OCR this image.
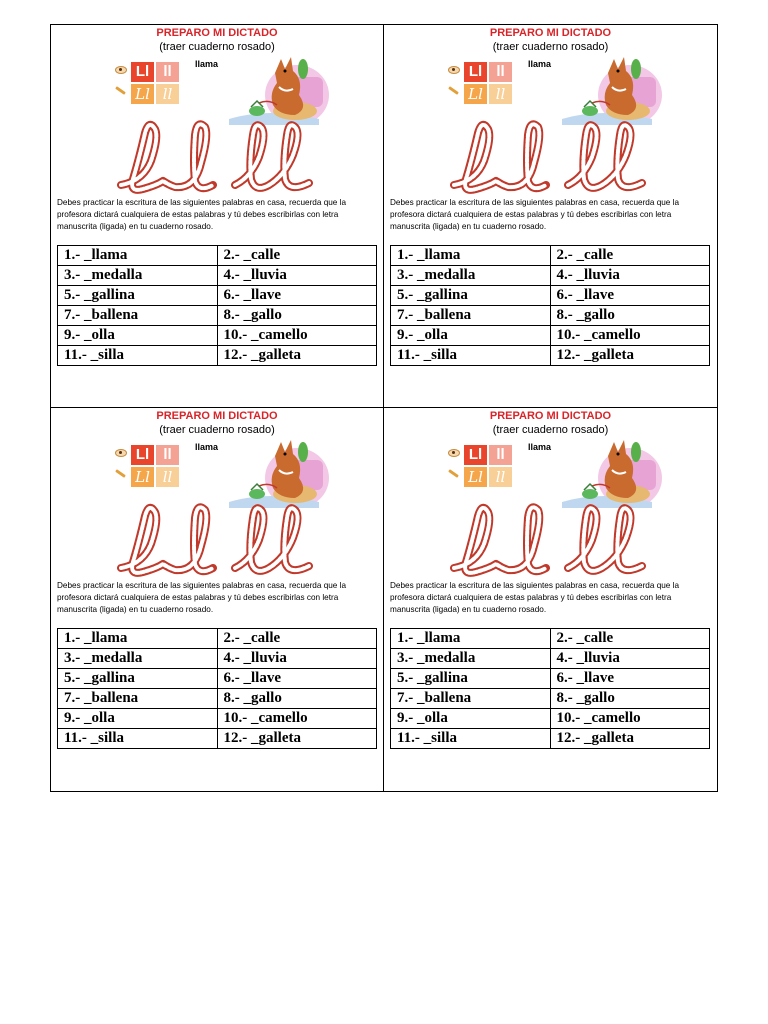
PREPARO MI DICTADO
(traer cuaderno rosado)
Ll ll
Ll ll
llama
Debes practicar la escritura de las siguientes palabras en casa, recuerda que la profesora dictará cualquiera de estas palabras y tú debes escribirlas con letra manuscrita (ligada) en tu cuaderno rosado.
1.- _llama	2.- _calle
3.- _medalla	4.- _lluvia
5.- _gallina	6.- _llave
7.- _ballena	8.- _gallo
9.- _olla	10.- _camello
11.- _silla	12.- _galleta
PREPARO MI DICTADO
(traer cuaderno rosado)
Ll ll
Ll ll
llama
Debes practicar la escritura de las siguientes palabras en casa, recuerda que la profesora dictará cualquiera de estas palabras y tú debes escribirlas con letra manuscrita (ligada) en tu cuaderno rosado.
1.- _llama	2.- _calle
3.- _medalla	4.- _lluvia
5.- _gallina	6.- _llave
7.- _ballena	8.- _gallo
9.- _olla	10.- _camello
11.- _silla	12.- _galleta
PREPARO MI DICTADO
(traer cuaderno rosado)
Ll ll
Ll ll
llama
Debes practicar la escritura de las siguientes palabras en casa, recuerda que la profesora dictará cualquiera de estas palabras y tú debes escribirlas con letra manuscrita (ligada) en tu cuaderno rosado.
1.- _llama	2.- _calle
3.- _medalla	4.- _lluvia
5.- _gallina	6.- _llave
7.- _ballena	8.- _gallo
9.- _olla	10.- _camello
11.- _silla	12.- _galleta
PREPARO MI DICTADO
(traer cuaderno rosado)
Ll ll
Ll ll
llama
Debes practicar la escritura de las siguientes palabras en casa, recuerda que la profesora dictará cualquiera de estas palabras y tú debes escribirlas con letra manuscrita (ligada) en tu cuaderno rosado.
1.- _llama	2.- _calle
3.- _medalla	4.- _lluvia
5.- _gallina	6.- _llave
7.- _ballena	8.- _gallo
9.- _olla	10.- _camello
11.- _silla	12.- _galleta
